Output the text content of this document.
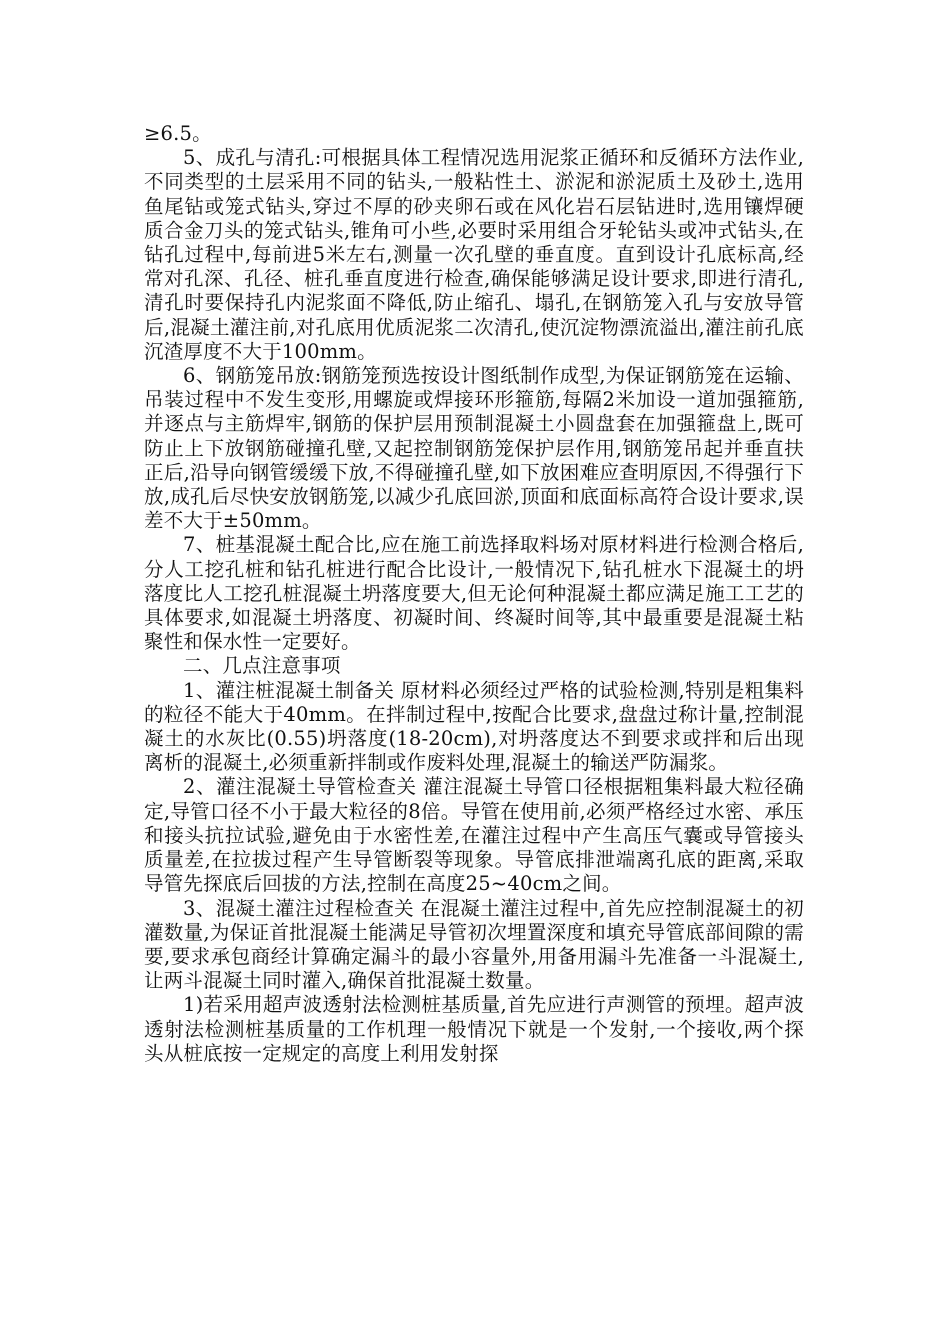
≥6.5。

5、成孔与清孔:可根据具体工程情况选用泥浆正循环和反循环方法作业,不同类型的土层采用不同的钻头,一般粘性土、淤泥和淤泥质土及砂土,选用鱼尾钻或笼式钻头,穿过不厚的砂夹卵石或在风化岩石层钻进时,选用镶焊硬质合金刀头的笼式钻头,锥角可小些,必要时采用组合牙轮钻头或冲式钻头,在钻孔过程中,每前进5米左右,测量一次孔壁的垂直度。直到设计孔底标高,经常对孔深、孔径、桩孔垂直度进行检查,确保能够满足设计要求,即进行清孔,清孔时要保持孔内泥浆面不降低,防止缩孔、塌孔,在钢筋笼入孔与安放导管后,混凝土灌注前,对孔底用优质泥浆二次清孔,使沉淀物漂流溢出,灌注前孔底沉渣厚度不大于100mm。

6、钢筋笼吊放:钢筋笼预选按设计图纸制作成型,为保证钢筋笼在运输、吊装过程中不发生变形,用螺旋或焊接环形箍筋,每隔2米加设一道加强箍筋,并逐点与主筋焊牢,钢筋的保护层用预制混凝土小圆盘套在加强箍盘上,既可防止上下放钢筋碰撞孔壁,又起控制钢筋笼保护层作用,钢筋笼吊起并垂直扶正后,沿导向钢管缓缓下放,不得碰撞孔壁,如下放困难应查明原因,不得强行下放,成孔后尽快安放钢筋笼,以减少孔底回淤,顶面和底面标高符合设计要求,误差不大于±50mm。

7、桩基混凝土配合比,应在施工前选择取料场对原材料进行检测合格后,分人工挖孔桩和钻孔桩进行配合比设计,一般情况下,钻孔桩水下混凝土的坍落度比人工挖孔桩混凝土坍落度要大,但无论何种混凝土都应满足施工工艺的具体要求,如混凝土坍落度、初凝时间、终凝时间等,其中最重要是混凝土粘聚性和保水性一定要好。

二、几点注意事项

1、灌注桩混凝土制备关 原材料必须经过严格的试验检测,特别是粗集料的粒径不能大于40mm。在拌制过程中,按配合比要求,盘盘过称计量,控制混凝土的水灰比(0.55)坍落度(18-20cm),对坍落度达不到要求或拌和后出现离析的混凝土,必须重新拌制或作废料处理,混凝土的输送严防漏浆。

2、灌注混凝土导管检查关 灌注混凝土导管口径根据粗集料最大粒径确定,导管口径不小于最大粒径的8倍。导管在使用前,必须严格经过水密、承压和接头抗拉试验,避免由于水密性差,在灌注过程中产生高压气囊或导管接头质量差,在拉拔过程产生导管断裂等现象。导管底排泄端离孔底的距离,采取导管先探底后回拔的方法,控制在高度25~40cm之间。

3、混凝土灌注过程检查关 在混凝土灌注过程中,首先应控制混凝土的初灌数量,为保证首批混凝土能满足导管初次埋置深度和填充导管底部间隙的需要,要求承包商经计算确定漏斗的最小容量外,用备用漏斗先准备一斗混凝土,让两斗混凝土同时灌入,确保首批混凝土数量。

1)若采用超声波透射法检测桩基质量,首先应进行声测管的预埋。超声波透射法检测桩基质量的工作机理一般情况下就是一个发射,一个接收,两个探头从桩底按一定规定的高度上利用发射探
